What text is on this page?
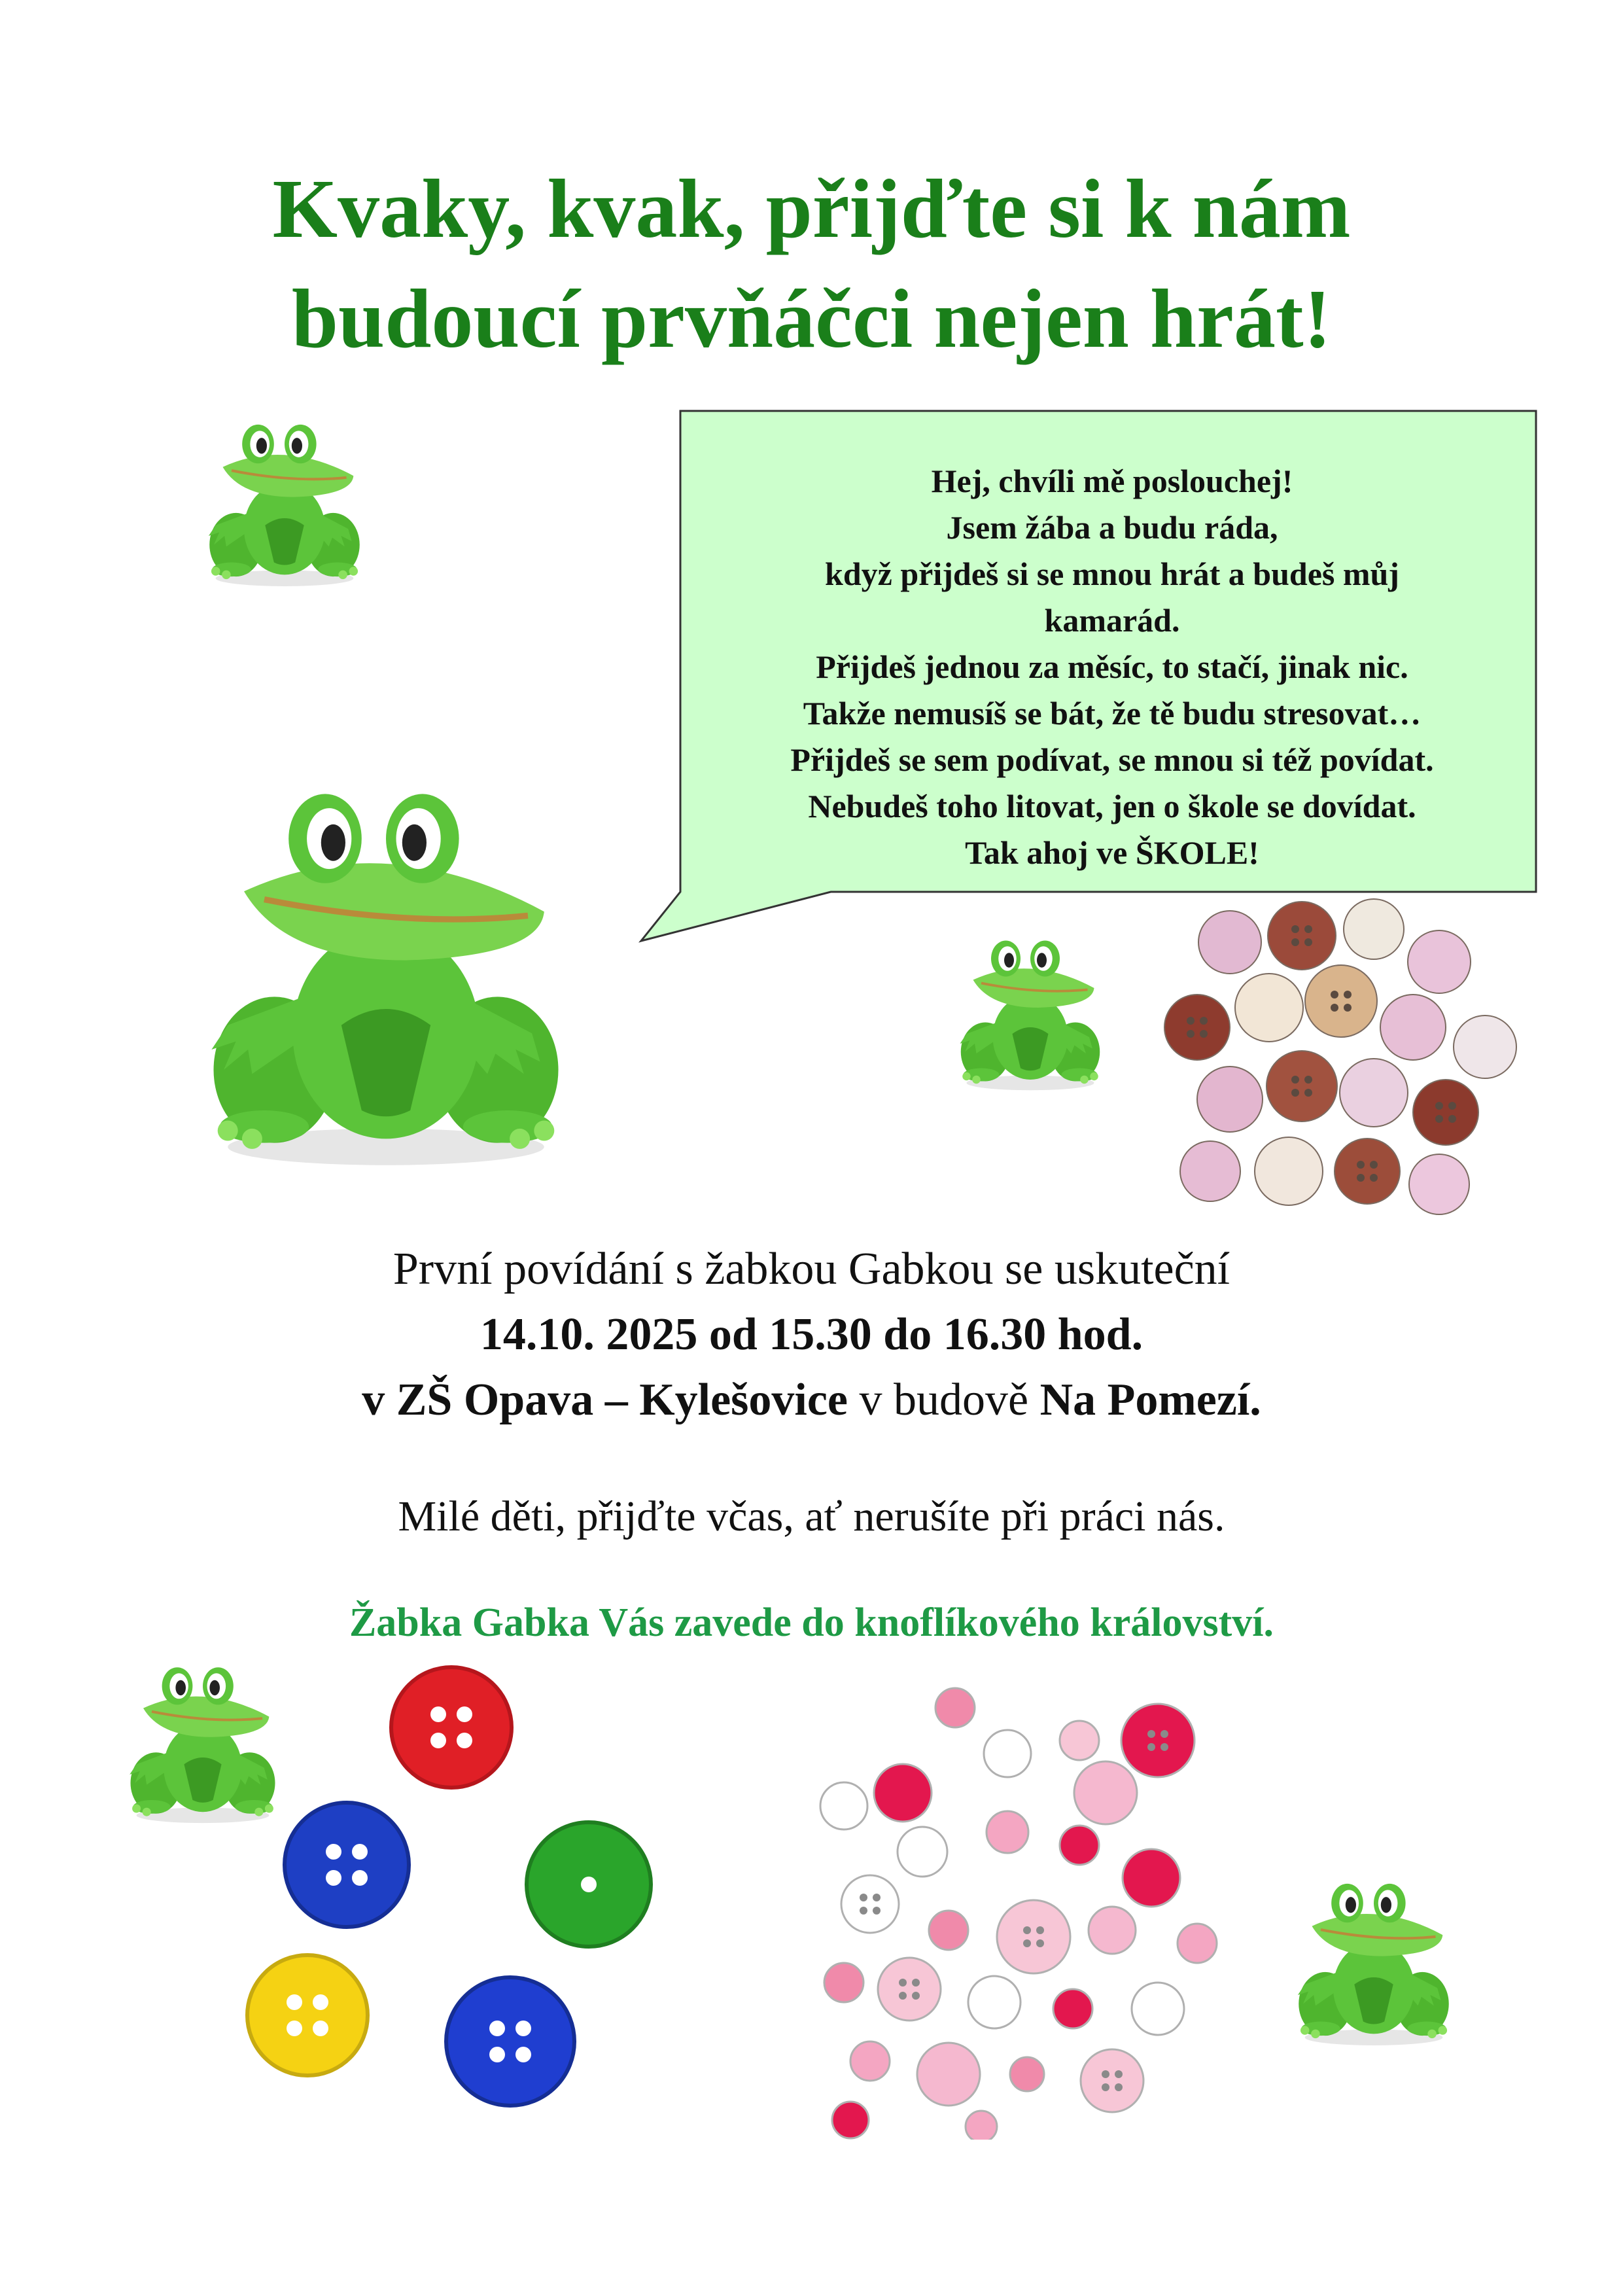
Kvaky, kvak, přijďte si k nám
budoucí prvňáčci nejen hrát!
Hej, chvíli mě poslouchej!
Jsem žába a budu ráda,
když přijdeš si se mnou hrát a budeš můj
kamarád.
Přijdeš jednou za měsíc, to stačí, jinak nic.
Takže nemusíš se bát, že tě budu stresovat…
Přijdeš se sem podívat, se mnou si též povídat.
Nebudeš toho litovat, jen o škole se dovídat.
Tak ahoj ve ŠKOLE!
První povídání s žabkou Gabkou se uskuteční
14.10. 2025 od 15.30 do 16.30 hod.
v ZŠ Opava – Kylešovice v budově Na Pomezí.
Milé děti, přijďte včas, ať nerušíte při práci nás.
Žabka Gabka Vás zavede do knoflíkového království.
